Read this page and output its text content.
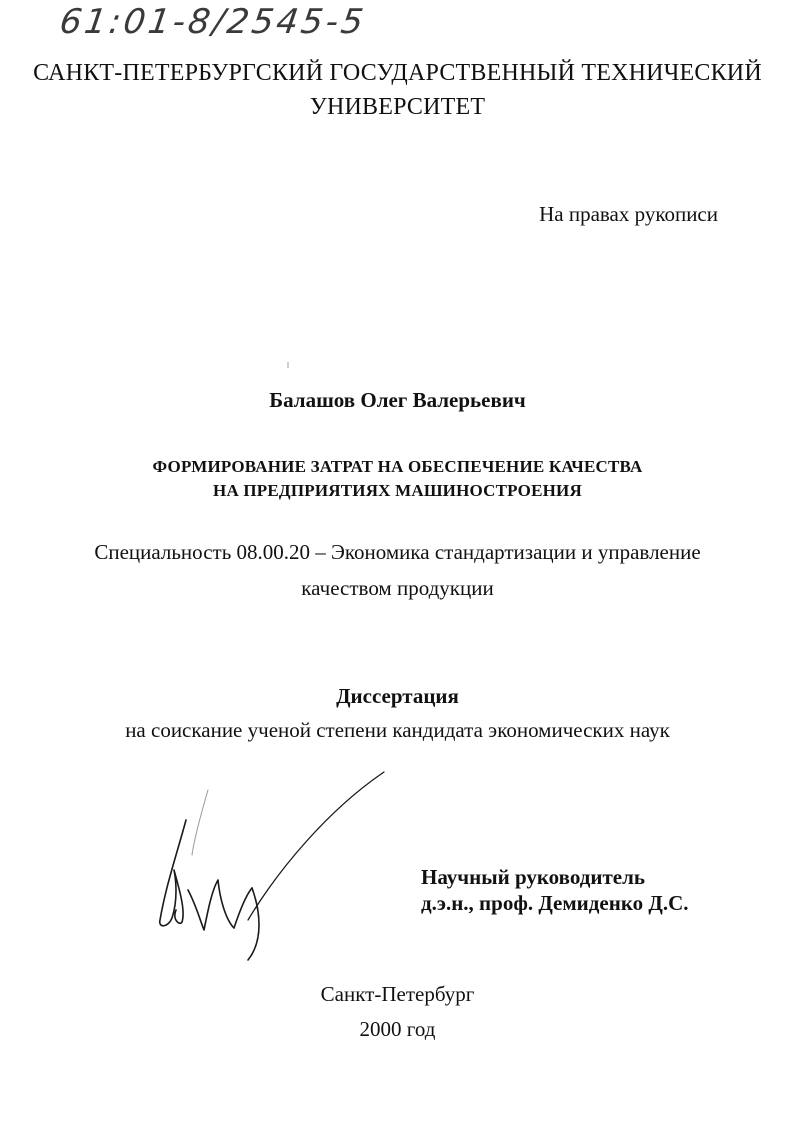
61:01-8/2545-5
САНКТ-ПЕТЕРБУРГСКИЙ ГОСУДАРСТВЕННЫЙ ТЕХНИЧЕСКИЙ
УНИВЕРСИТЕТ
На правах рукописи
Балашов Олег Валерьевич
ФОРМИРОВАНИЕ ЗАТРАТ НА ОБЕСПЕЧЕНИЕ КАЧЕСТВА
НА ПРЕДПРИЯТИЯХ МАШИНОСТРОЕНИЯ
Специальность 08.00.20 – Экономика стандартизации и управление
качеством продукции
Диссертация
на соискание ученой степени кандидата экономических наук
Научный руководитель
д.э.н., проф. Демиденко Д.С.
Санкт-Петербург
2000 год
